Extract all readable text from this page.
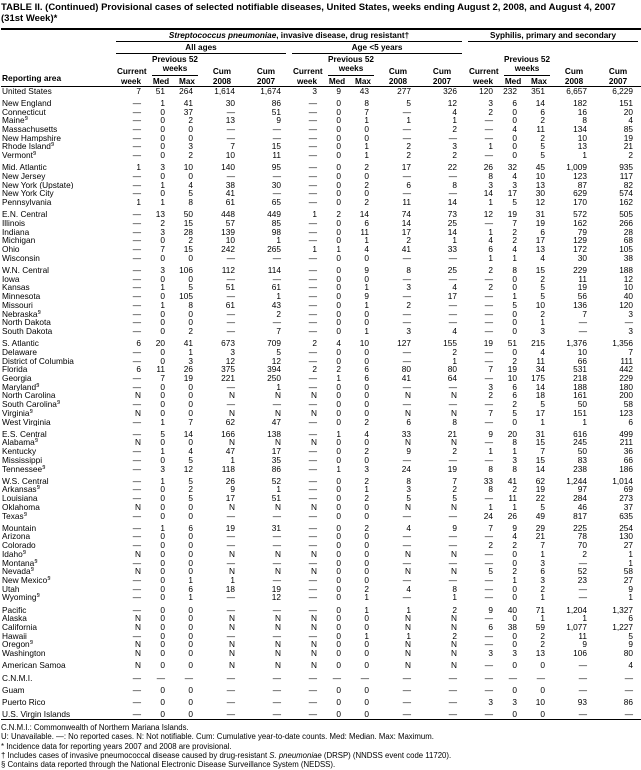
TABLE II. (Continued) Provisional cases of selected notifiable diseases, United States, weeks ending August 2, 2008, and August 4, 2007 (31st Week)*
Reporting area	Streptococcus pneumoniae, invasive disease, drug resistant†										Syphilis, primary and secondary				

	All ages					Age <5 years									

	Current week	Previous 52 weeks		Cum 2008	Cum 2007	Current week	Previous 52 weeks		Cum 2008	Cum 2007	Current week	Previous 52 weeks		Cum 2008	Cum 2007
		Med	Max				Med	Max				Med	Max		
United States	7	51	264	1,614	1,674	3	9	43	277	326	120	232	351	6,657	6,229

New England	—	1	41	30	86	—	0	8	5	12	3	6	14	182	151
Connecticut	—	0	37	—	51	—	0	7	—	4	2	0	6	16	20
Maine§	—	0	2	13	9	—	0	1	1	1	—	0	2	8	4
Massachusetts	—	0	0	—	—	—	0	0	—	2	—	4	11	134	85
New Hampshire	—	0	0	—	—	—	0	0	—	—	—	0	2	10	19
Rhode Island§	—	0	3	7	15	—	0	1	2	3	1	0	5	13	21
Vermont§	—	0	2	10	11	—	0	1	2	2	—	0	5	1	2

Mid. Atlantic	1	3	10	140	95	—	0	2	17	22	26	32	45	1,009	935
New Jersey	—	0	0	—	—	—	0	0	—	—	8	4	10	123	117
New York (Upstate)	—	1	4	38	30	—	0	2	6	8	3	3	13	87	82
New York City	—	0	5	41	—	—	0	0	—	—	14	17	30	629	574
Pennsylvania	1	1	8	61	65	—	0	2	11	14	1	5	12	170	162

E.N. Central	—	13	50	448	449	1	2	14	74	73	12	19	31	572	505
Illinois	—	2	15	57	85	—	0	6	14	25	—	7	19	162	266
Indiana	—	3	28	139	98	—	0	11	17	14	1	2	6	79	28
Michigan	—	0	2	10	1	—	0	1	2	1	4	2	17	129	68
Ohio	—	7	15	242	265	1	1	4	41	33	6	4	13	172	105
Wisconsin	—	0	0	—	—	—	0	0	—	—	1	1	4	30	38

W.N. Central	—	3	106	112	114	—	0	9	8	25	2	8	15	229	188
Iowa	—	0	0	—	—	—	0	0	—	—	—	0	2	11	12
Kansas	—	1	5	51	61	—	0	1	3	4	2	0	5	19	10
Minnesota	—	0	105	—	1	—	0	9	—	17	—	1	5	56	40
Missouri	—	1	8	61	43	—	0	1	2	—	—	5	10	136	120
Nebraska§	—	0	0	—	2	—	0	0	—	—	—	0	2	7	3
North Dakota	—	0	0	—	—	—	0	0	—	—	—	0	1	—	—
South Dakota	—	0	2	—	7	—	0	1	3	4	—	0	3	—	3

S. Atlantic	6	20	41	673	709	2	4	10	127	155	19	51	215	1,376	1,356
Delaware	—	0	1	3	5	—	0	0	—	2	—	0	4	10	7
District of Columbia	—	0	3	12	12	—	0	0	—	1	—	2	11	66	111
Florida	6	11	26	375	394	2	2	6	80	80	7	19	34	531	442
Georgia	—	7	19	221	250	—	1	6	41	64	—	10	175	218	229
Maryland§	—	0	0	—	1	—	0	0	—	—	3	6	14	188	180
North Carolina	N	0	0	N	N	N	0	0	N	N	2	6	18	161	200
South Carolina§	—	0	0	—	—	—	0	0	—	—	—	2	5	50	58
Virginia§	N	0	0	N	N	N	0	0	N	N	7	5	17	151	123
West Virginia	—	1	7	62	47	—	0	2	6	8	—	0	1	1	6

E.S. Central	—	5	14	166	138	—	1	4	33	21	9	20	31	616	499
Alabama§	N	0	0	N	N	N	0	0	N	N	—	8	15	245	211
Kentucky	—	1	4	47	17	—	0	2	9	2	1	1	7	50	36
Mississippi	—	0	5	1	35	—	0	0	—	—	—	3	15	83	66
Tennessee§	—	3	12	118	86	—	1	3	24	19	8	8	14	238	186

W.S. Central	—	1	5	26	52	—	0	2	8	7	33	41	62	1,244	1,014
Arkansas§	—	0	2	9	1	—	0	1	3	2	8	2	19	97	69
Louisiana	—	0	5	17	51	—	0	2	5	5	—	11	22	284	273
Oklahoma	N	0	0	N	N	N	0	0	N	N	1	1	5	46	37
Texas§	—	0	0	—	—	—	0	0	—	—	24	26	49	817	635

Mountain	—	1	6	19	31	—	0	2	4	9	7	9	29	225	254
Arizona	—	0	0	—	—	—	0	0	—	—	—	4	21	78	130
Colorado	—	0	0	—	—	—	0	0	—	—	2	2	7	70	27
Idaho§	N	0	0	N	N	N	0	0	N	N	—	0	1	2	1
Montana§	—	0	0	—	—	—	0	0	—	—	—	0	3	—	1
Nevada§	N	0	0	N	N	N	0	0	N	N	5	2	6	52	58
New Mexico§	—	0	1	1	—	—	0	0	—	—	—	1	3	23	27
Utah	—	0	6	18	19	—	0	2	4	8	—	0	2	—	9
Wyoming§	—	0	1	—	12	—	0	1	—	1	—	0	1	—	1

Pacific	—	0	0	—	—	—	0	1	1	2	9	40	71	1,204	1,327
Alaska	N	0	0	N	N	N	0	0	N	N	—	0	1	1	6
California	N	0	0	N	N	N	0	0	N	N	6	38	59	1,077	1,227
Hawaii	—	0	0	—	—	—	0	1	1	2	—	0	2	11	5
Oregon§	N	0	0	N	N	N	0	0	N	N	—	0	2	9	9
Washington	N	0	0	N	N	N	0	0	N	N	3	3	13	106	80

American Samoa	N	0	0	N	N	N	0	0	N	N	—	0	0	—	4

C.N.M.I.	—	—	—	—	—	—	—	—	—	—	—	—	—	—	—

Guam	—	0	0	—	—	—	0	0	—	—	—	0	0	—	—

Puerto Rico	—	0	0	—	—	—	0	0	—	—	3	3	10	93	86

U.S. Virgin Islands	—	0	0	—	—	—	0	0	—	—	—	0	0	—	—
C.N.M.I.: Commonwealth of Northern Mariana Islands.
U: Unavailable. —: No reported cases. N: Not notifiable. Cum: Cumulative year-to-date counts. Med: Median. Max: Maximum.
* Incidence data for reporting years 2007 and 2008 are provisional.
† Includes cases of invasive pneumococcal disease caused by drug-resistant S. pneumoniae (DRSP) (NNDSS event code 11720).
§ Contains data reported through the National Electronic Disease Surveillance System (NEDSS).
